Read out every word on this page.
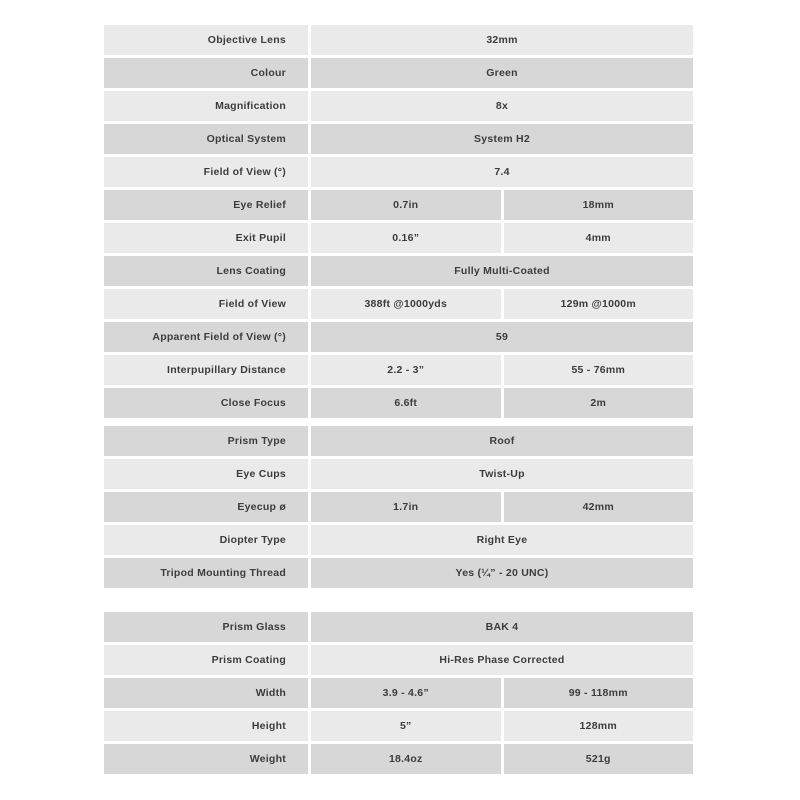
Objective Lens	32mm
Colour	Green
Magnification	8x
Optical System	System H2
Field of View (°)	7.4
Eye Relief	0.7in	18mm
Exit Pupil	0.16”	4mm
Lens Coating	Fully Multi-Coated
Field of View	388ft @1000yds	129m @1000m
Apparent Field of View (°)	59
Interpupillary Distance	2.2 - 3”	55 - 76mm
Close Focus	6.6ft	2m
Prism Type	Roof
Eye Cups	Twist-Up
Eyecup ø	1.7in	42mm
Diopter Type	Right Eye
Tripod Mounting Thread	Yes (¼” - 20 UNC)
Prism Glass	BAK 4
Prism Coating	Hi-Res Phase Corrected
Width	3.9 - 4.6”	99 - 118mm
Height	5”	128mm
Weight	18.4oz	521g
